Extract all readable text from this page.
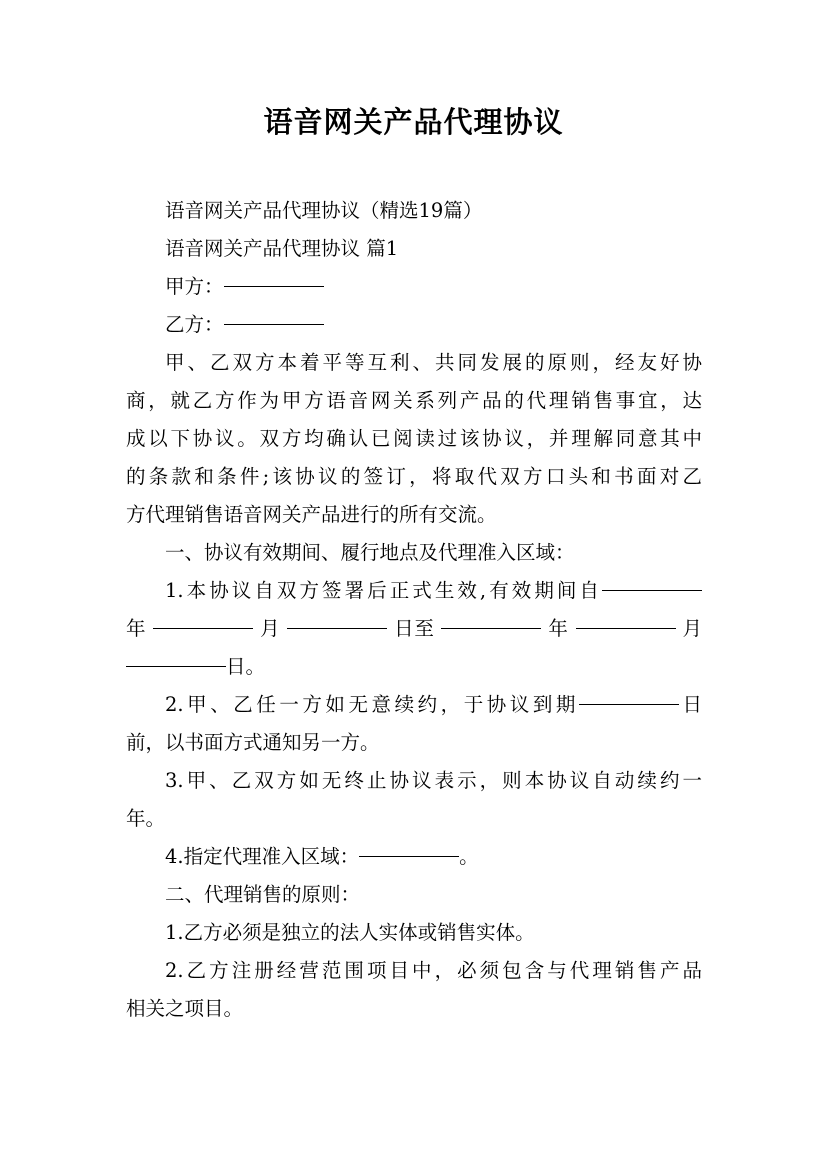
语音网关产品代理协议
语音网关产品代理协议（精选19篇）
语音网关产品代理协议 篇1
甲方：
乙方：
甲、乙双方本着平等互利、共同发展的原则，经友好协
商，就乙方作为甲方语音网关系列产品的代理销售事宜，达
成以下协议。双方均确认已阅读过该协议，并理解同意其中
的条款和条件;该协议的签订，将取代双方口头和书面对乙
方代理销售语音网关产品进行的所有交流。
一、协议有效期间、履行地点及代理准入区域：
1.本协议自双方签署后正式生效,有效期间自
年	月	日至	年	月
日。
2.甲、乙任一方如无意续约，于协议到期	日
前，以书面方式通知另一方。
3.甲、乙双方如无终止协议表示，则本协议自动续约一
年。
4.指定代理准入区域：	。
二、代理销售的原则：
1.乙方必须是独立的法人实体或销售实体。
2.乙方注册经营范围项目中，必须包含与代理销售产品
相关之项目。
